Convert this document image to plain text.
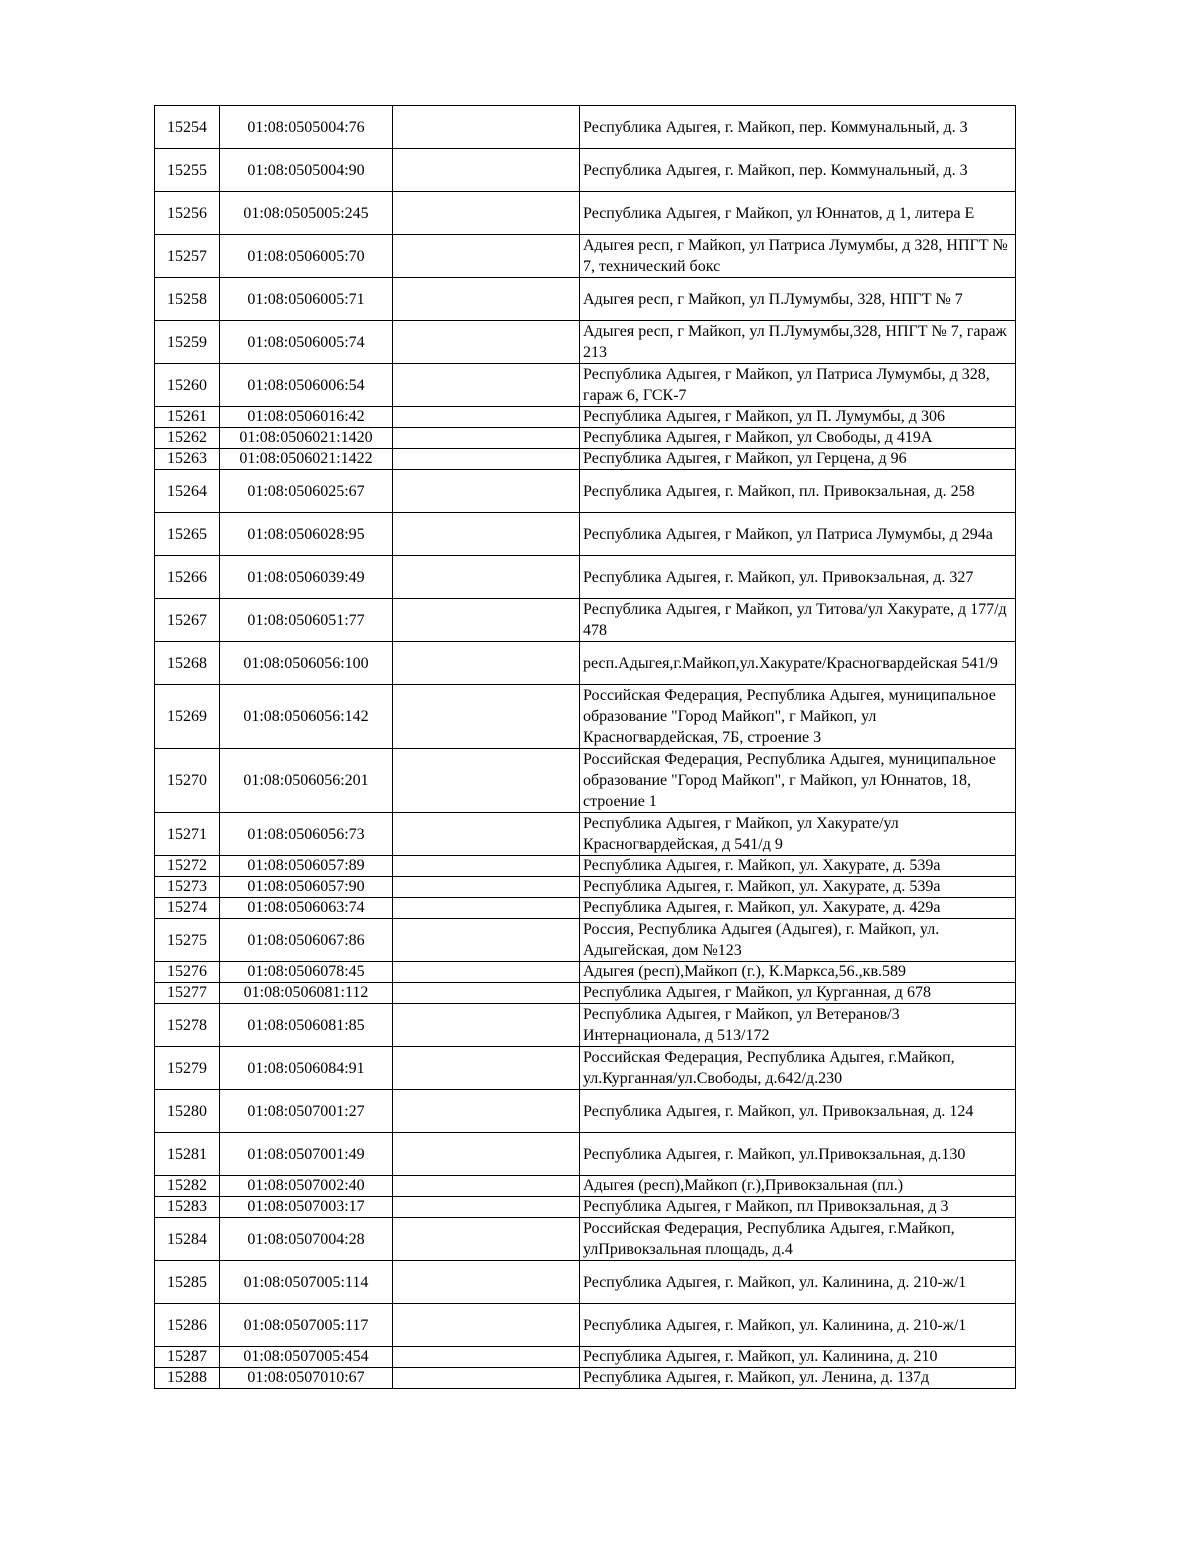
15254	01:08:0505004:76		Республика Адыгея, г. Майкоп, пер. Коммунальный, д. 3
15255	01:08:0505004:90		Республика Адыгея, г. Майкоп, пер. Коммунальный, д. 3
15256	01:08:0505005:245		Республика Адыгея, г Майкоп, ул Юннатов, д 1, литера Е
15257	01:08:0506005:70		Адыгея респ, г Майкоп, ул Патриса Лумумбы, д 328, НПГТ № 7, технический бокс
15258	01:08:0506005:71		Адыгея респ, г Майкоп, ул П.Лумумбы, 328, НПГТ № 7
15259	01:08:0506005:74		Адыгея респ, г Майкоп, ул П.Лумумбы,328, НПГТ № 7, гараж 213
15260	01:08:0506006:54		Республика Адыгея, г Майкоп, ул Патриса Лумумбы, д 328, гараж 6, ГСК-7
15261	01:08:0506016:42		Республика Адыгея, г Майкоп, ул П. Лумумбы, д 306
15262	01:08:0506021:1420		Республика Адыгея, г Майкоп, ул Свободы, д 419А
15263	01:08:0506021:1422		Республика Адыгея, г Майкоп, ул Герцена, д 96
15264	01:08:0506025:67		Республика Адыгея, г. Майкоп, пл. Привокзальная, д. 258
15265	01:08:0506028:95		Республика Адыгея, г Майкоп, ул Патриса Лумумбы, д 294а
15266	01:08:0506039:49		Республика Адыгея, г. Майкоп, ул. Привокзальная, д. 327
15267	01:08:0506051:77		Республика Адыгея, г Майкоп, ул Титова/ул Хакурате, д 177/д 478
15268	01:08:0506056:100		респ.Адыгея,г.Майкоп,ул.Хакурате/Красногвардейская 541/9
15269	01:08:0506056:142		Российская Федерация, Республика Адыгея, муниципальное образование "Город Майкоп", г Майкоп, ул Красногвардейская, 7Б, строение 3
15270	01:08:0506056:201		Российская Федерация, Республика Адыгея, муниципальное образование "Город Майкоп", г Майкоп, ул Юннатов, 18, строение 1
15271	01:08:0506056:73		Республика Адыгея, г Майкоп, ул Хакурате/ул Красногвардейская, д 541/д 9
15272	01:08:0506057:89		Республика Адыгея, г. Майкоп, ул. Хакурате, д. 539а
15273	01:08:0506057:90		Республика Адыгея, г. Майкоп, ул. Хакурате, д. 539а
15274	01:08:0506063:74		Республика Адыгея, г. Майкоп, ул. Хакурате, д. 429а
15275	01:08:0506067:86		Россия, Республика Адыгея (Адыгея), г. Майкоп, ул. Адыгейская, дом №123
15276	01:08:0506078:45		Адыгея (респ),Майкоп (г.), К.Маркса,56.,кв.589
15277	01:08:0506081:112		Республика Адыгея, г Майкоп, ул Курганная, д 678
15278	01:08:0506081:85		Республика Адыгея, г Майкоп, ул Ветеранов/3 Интернационала, д 513/172
15279	01:08:0506084:91		Российская Федерация, Республика Адыгея, г.Майкоп, ул.Курганная/ул.Свободы, д.642/д.230
15280	01:08:0507001:27		Республика Адыгея, г. Майкоп, ул. Привокзальная, д. 124
15281	01:08:0507001:49		Республика Адыгея, г. Майкоп, ул.Привокзальная, д.130
15282	01:08:0507002:40		Адыгея (респ),Майкоп (г.),Привокзальная (пл.)
15283	01:08:0507003:17		Республика Адыгея, г Майкоп, пл Привокзальная, д 3
15284	01:08:0507004:28		Российская Федерация, Республика Адыгея, г.Майкоп, улПривокзальная площадь, д.4
15285	01:08:0507005:114		Республика Адыгея, г. Майкоп, ул. Калинина, д. 210-ж/1
15286	01:08:0507005:117		Республика Адыгея, г. Майкоп, ул. Калинина, д. 210-ж/1
15287	01:08:0507005:454		Республика Адыгея, г. Майкоп, ул. Калинина, д. 210
15288	01:08:0507010:67		Республика Адыгея, г. Майкоп, ул. Ленина, д. 137д
